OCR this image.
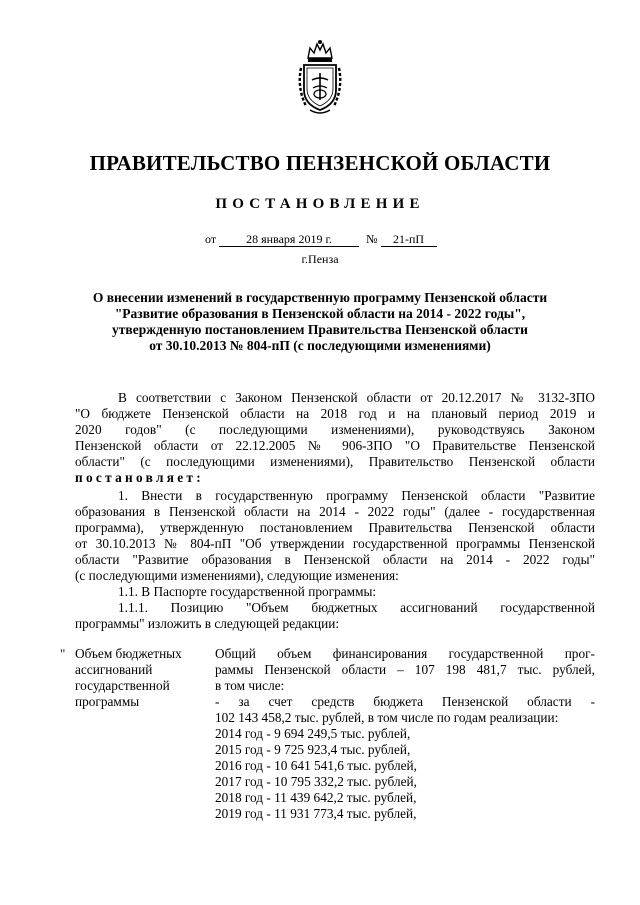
ПРАВИТЕЛЬСТВО ПЕНЗЕНСКОЙ ОБЛАСТИ
ПОСТАНОВЛЕНИЕ
от	28 января 2019 г.	№ 21-пП
г.Пенза
О внесении изменений в государственную программу Пензенской области
"Развитие образования в Пензенской области на 2014 - 2022 годы",
утвержденную постановлением Правительства Пензенской области
от 30.10.2013 № 804-пП (с последующими изменениями)
В соответствии с Законом Пензенской области от 20.12.2017 № 3132-ЗПО
"О бюджете Пензенской области на 2018 год и на плановый период 2019 и
2020 годов" (с последующими изменениями), руководствуясь Законом
Пензенской области от 22.12.2005 № 906-ЗПО "О Правительстве Пензенской
области" (с последующими изменениями), Правительство Пензенской области
постановляет:
1. Внести в государственную программу Пензенской области "Развитие
образования в Пензенской области на 2014 - 2022 годы" (далее - государственная
программа), утвержденную постановлением Правительства Пензенской области
от 30.10.2013 № 804-пП "Об утверждении государственной программы Пензенской
области "Развитие образования в Пензенской области на 2014 - 2022 годы"
(с последующими изменениями), следующие изменения:
1.1. В Паспорте государственной программы:
1.1.1. Позицию "Объем бюджетных ассигнований государственной
программы" изложить в следующей редакции:
" Объем бюджетных
ассигнований
государственной
программы
Общий объем финансирования государственной прог-
раммы Пензенской области – 107 198 481,7 тыс. рублей,
в том числе:
- за счет средств бюджета Пензенской области -
102 143 458,2 тыс. рублей, в том числе по годам реализации:
2014 год - 9 694 249,5 тыс. рублей,
2015 год - 9 725 923,4 тыс. рублей,
2016 год - 10 641 541,6 тыс. рублей,
2017 год - 10 795 332,2 тыс. рублей,
2018 год - 11 439 642,2 тыс. рублей,
2019 год - 11 931 773,4 тыс. рублей,
